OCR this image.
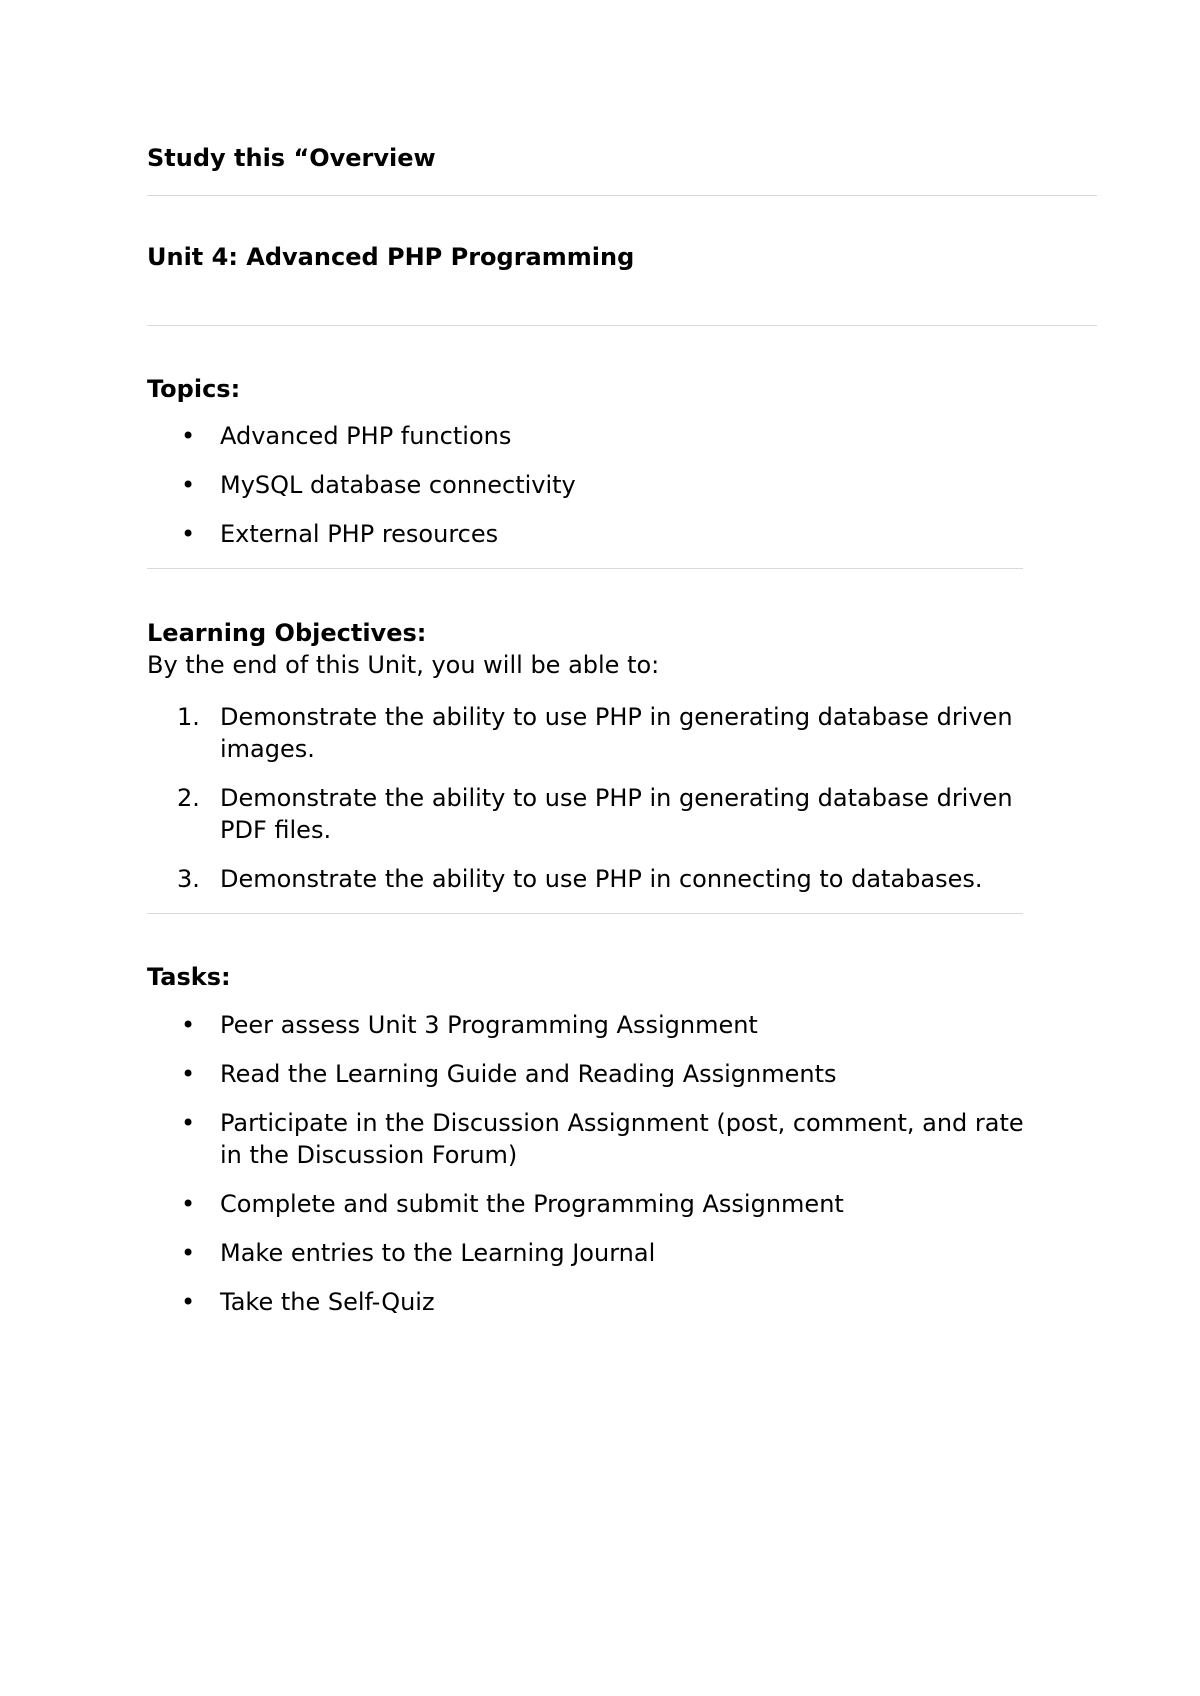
Study this “Overview
Unit 4: Advanced PHP Programming
Topics:
• Advanced PHP functions
• MySQL database connectivity
• External PHP resources
Learning Objectives:

By the end of this Unit, you will be able to:

1. Demonstrate the ability to use PHP in generating database driven
images.
2. Demonstrate the ability to use PHP in generating database driven
PDF files.
3. Demonstrate the ability to use PHP in connecting to databases.
Tasks:
• Peer assess Unit 3 Programming Assignment
• Read the Learning Guide and Reading Assignments
• Participate in the Discussion Assignment (post, comment, and rate
in the Discussion Forum)
• Complete and submit the Programming Assignment
• Make entries to the Learning Journal
• Take the Self-Quiz
